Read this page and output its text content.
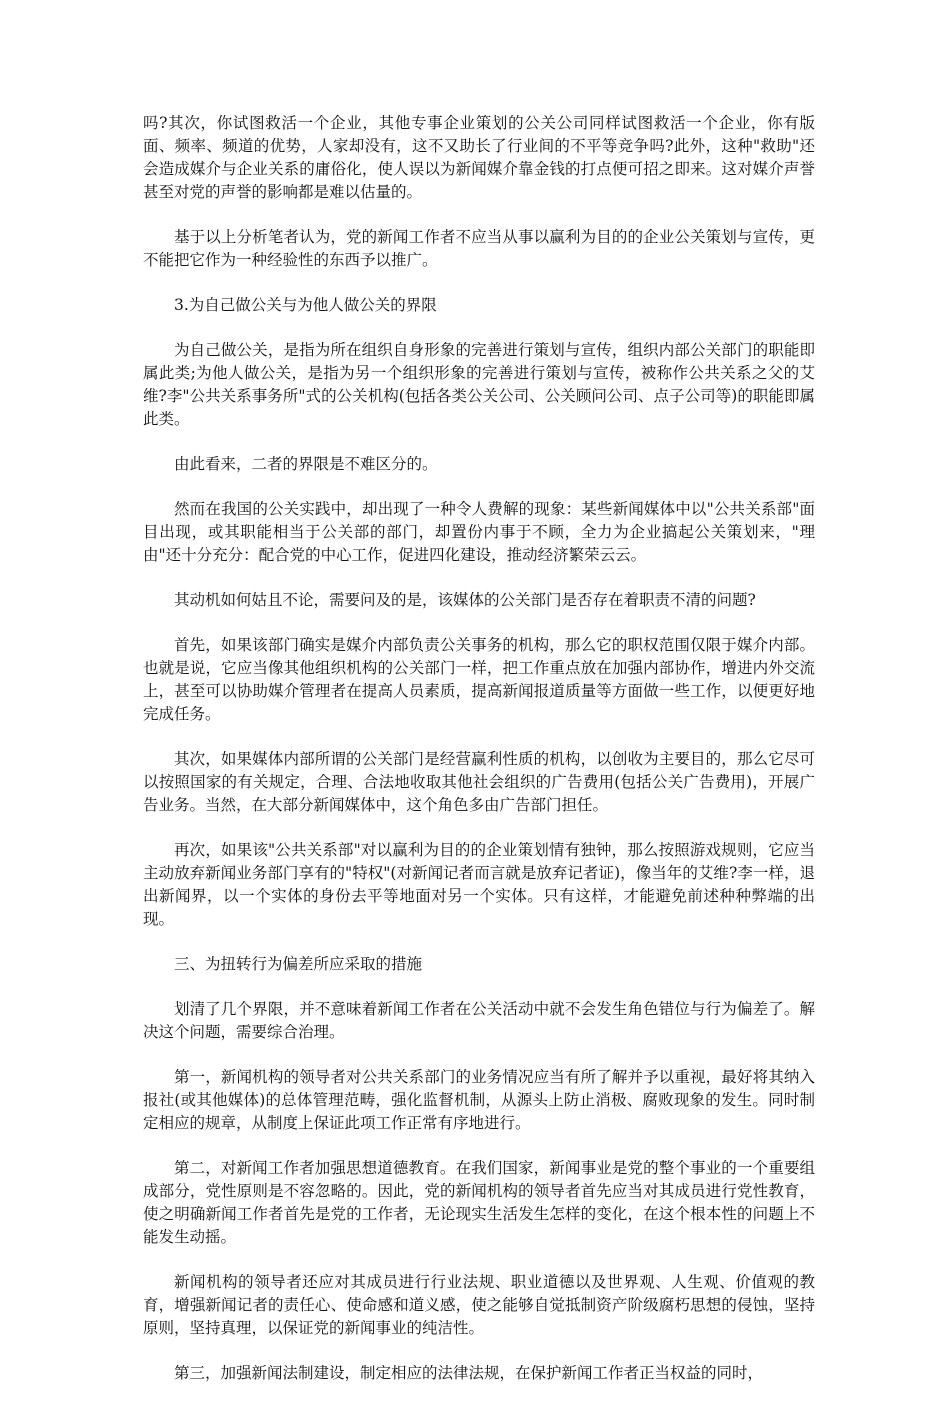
吗?其次，你试图救活一个企业，其他专事企业策划的公关公司同样试图救活一个企业，你有版面、频率、频道的优势，人家却没有，这不又助长了行业间的不平等竞争吗?此外，这种"救助"还会造成媒介与企业关系的庸俗化，使人误以为新闻媒介靠金钱的打点便可招之即来。这对媒介声誉甚至对党的声誉的影响都是难以估量的。

基于以上分析笔者认为，党的新闻工作者不应当从事以赢利为目的的企业公关策划与宣传，更不能把它作为一种经验性的东西予以推广。

3.为自己做公关与为他人做公关的界限

为自己做公关，是指为所在组织自身形象的完善进行策划与宣传，组织内部公关部门的职能即属此类;为他人做公关，是指为另一个组织形象的完善进行策划与宣传，被称作公共关系之父的艾维?李"公共关系事务所"式的公关机构(包括各类公关公司、公关顾问公司、点子公司等)的职能即属此类。

由此看来，二者的界限是不难区分的。

然而在我国的公关实践中，却出现了一种令人费解的现象：某些新闻媒体中以"公共关系部"面目出现，或其职能相当于公关部的部门，却置份内事于不顾，全力为企业搞起公关策划来，"理由"还十分充分：配合党的中心工作，促进四化建设，推动经济繁荣云云。

其动机如何姑且不论，需要问及的是，该媒体的公关部门是否存在着职责不清的问题?

首先，如果该部门确实是媒介内部负责公关事务的机构，那么它的职权范围仅限于媒介内部。也就是说，它应当像其他组织机构的公关部门一样，把工作重点放在加强内部协作，增进内外交流上，甚至可以协助媒介管理者在提高人员素质，提高新闻报道质量等方面做一些工作，以便更好地完成任务。

其次，如果媒体内部所谓的公关部门是经营赢利性质的机构，以创收为主要目的，那么它尽可以按照国家的有关规定，合理、合法地收取其他社会组织的广告费用(包括公关广告费用)，开展广告业务。当然，在大部分新闻媒体中，这个角色多由广告部门担任。

再次，如果该"公共关系部"对以赢利为目的的企业策划情有独钟，那么按照游戏规则，它应当主动放弃新闻业务部门享有的"特权"(对新闻记者而言就是放弃记者证)，像当年的艾维?李一样，退出新闻界，以一个实体的身份去平等地面对另一个实体。只有这样，才能避免前述种种弊端的出现。

三、为扭转行为偏差所应采取的措施

划清了几个界限，并不意味着新闻工作者在公关活动中就不会发生角色错位与行为偏差了。解决这个问题，需要综合治理。

第一，新闻机构的领导者对公共关系部门的业务情况应当有所了解并予以重视，最好将其纳入报社(或其他媒体)的总体管理范畴，强化监督机制，从源头上防止消极、腐败现象的发生。同时制定相应的规章，从制度上保证此项工作正常有序地进行。

第二，对新闻工作者加强思想道德教育。在我们国家，新闻事业是党的整个事业的一个重要组成部分，党性原则是不容忽略的。因此，党的新闻机构的领导者首先应当对其成员进行党性教育，使之明确新闻工作者首先是党的工作者，无论现实生活发生怎样的变化，在这个根本性的问题上不能发生动摇。

新闻机构的领导者还应对其成员进行行业法规、职业道德以及世界观、人生观、价值观的教育，增强新闻记者的责任心、使命感和道义感，使之能够自觉抵制资产阶级腐朽思想的侵蚀，坚持原则，坚持真理，以保证党的新闻事业的纯洁性。

第三，加强新闻法制建设，制定相应的法律法规，在保护新闻工作者正当权益的同时，
